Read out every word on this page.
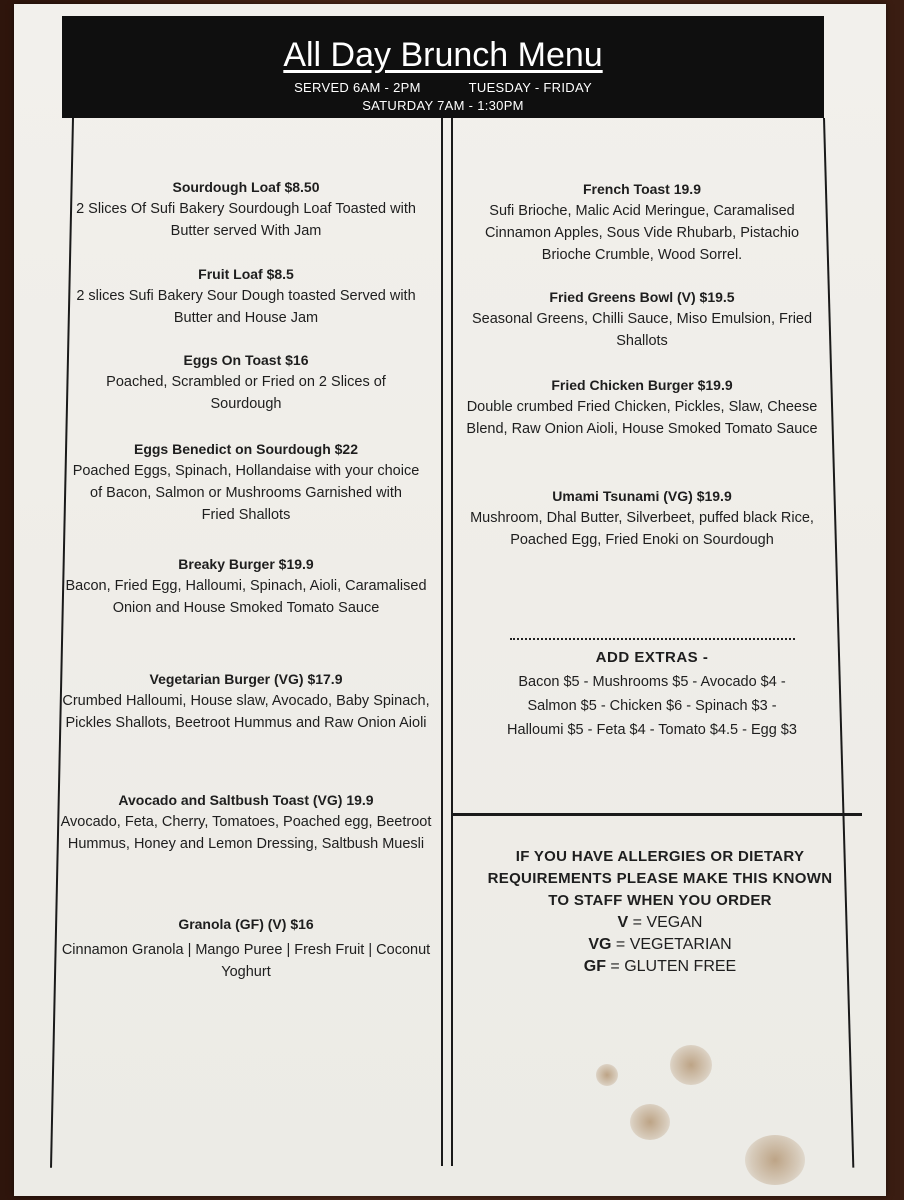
All Day Brunch Menu
SERVED 6AM - 2PM	TUESDAY - FRIDAY
SATURDAY 7AM - 1:30PM
Sourdough Loaf $8.50
2 Slices Of Sufi Bakery Sourdough Loaf Toasted with Butter served With Jam
Fruit Loaf $8.5
2 slices Sufi Bakery Sour Dough toasted Served with Butter and House Jam
Eggs On Toast $16
Poached, Scrambled or Fried on 2 Slices of Sourdough
Eggs Benedict on Sourdough $22
Poached Eggs, Spinach, Hollandaise with your choice of Bacon, Salmon or Mushrooms Garnished with Fried Shallots
Breaky Burger $19.9
Bacon, Fried Egg, Halloumi, Spinach, Aioli, Caramalised Onion and House Smoked Tomato Sauce
Vegetarian Burger (VG) $17.9
Crumbed Halloumi, House slaw, Avocado, Baby Spinach, Pickles Shallots, Beetroot Hummus and Raw Onion Aioli
Avocado and Saltbush Toast (VG) 19.9
Avocado, Feta, Cherry, Tomatoes, Poached egg, Beetroot Hummus, Honey and Lemon Dressing, Saltbush Muesli
Granola (GF) (V) $16
Cinnamon Granola | Mango Puree | Fresh Fruit | Coconut Yoghurt
French Toast 19.9
Sufi Brioche, Malic Acid Meringue, Caramalised Cinnamon Apples, Sous Vide Rhubarb, Pistachio Brioche Crumble, Wood Sorrel.
Fried Greens Bowl (V) $19.5
Seasonal Greens, Chilli Sauce, Miso Emulsion, Fried Shallots
Fried Chicken Burger $19.9
Double crumbed Fried Chicken, Pickles, Slaw, Cheese Blend, Raw Onion Aioli, House Smoked Tomato Sauce
Umami Tsunami (VG) $19.9
Mushroom, Dhal Butter, Silverbeet, puffed black Rice, Poached Egg, Fried Enoki on Sourdough
ADD EXTRAS -
Bacon $5 - Mushrooms $5 - Avocado $4 -
Salmon $5 - Chicken $6 - Spinach $3 -
Halloumi $5 - Feta $4 - Tomato $4.5 - Egg $3
IF YOU HAVE ALLERGIES OR DIETARY
REQUIREMENTS PLEASE MAKE THIS KNOWN
TO STAFF WHEN YOU ORDER
V = VEGAN
VG = VEGETARIAN
GF = GLUTEN FREE
